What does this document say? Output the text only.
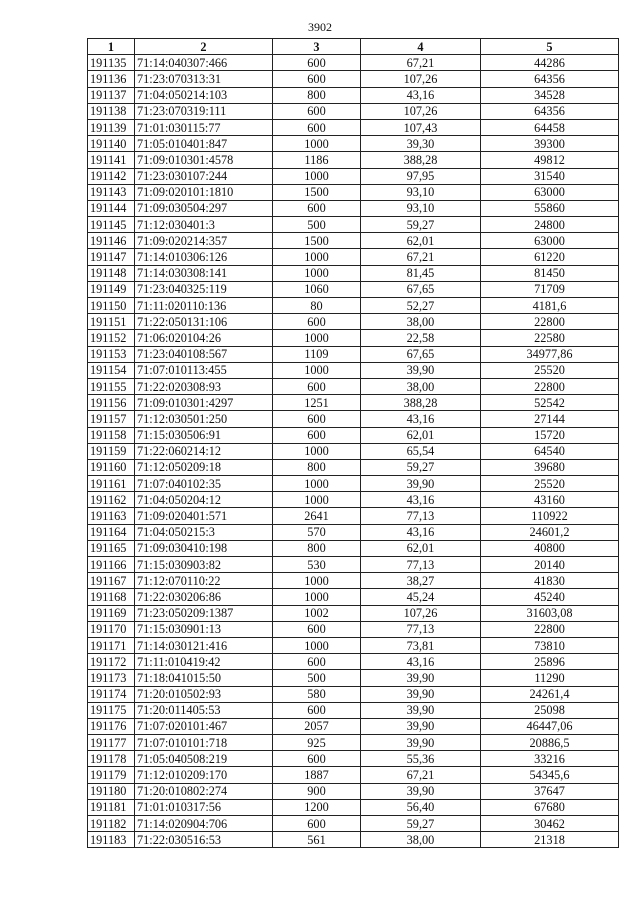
3902
1	2	3	4	5
191135	71:14:040307:466	600	67,21	44286
191136	71:23:070313:31	600	107,26	64356
191137	71:04:050214:103	800	43,16	34528
191138	71:23:070319:111	600	107,26	64356
191139	71:01:030115:77	600	107,43	64458
191140	71:05:010401:847	1000	39,30	39300
191141	71:09:010301:4578	1186	388,28	49812
191142	71:23:030107:244	1000	97,95	31540
191143	71:09:020101:1810	1500	93,10	63000
191144	71:09:030504:297	600	93,10	55860
191145	71:12:030401:3	500	59,27	24800
191146	71:09:020214:357	1500	62,01	63000
191147	71:14:010306:126	1000	67,21	61220
191148	71:14:030308:141	1000	81,45	81450
191149	71:23:040325:119	1060	67,65	71709
191150	71:11:020110:136	80	52,27	4181,6
191151	71:22:050131:106	600	38,00	22800
191152	71:06:020104:26	1000	22,58	22580
191153	71:23:040108:567	1109	67,65	34977,86
191154	71:07:010113:455	1000	39,90	25520
191155	71:22:020308:93	600	38,00	22800
191156	71:09:010301:4297	1251	388,28	52542
191157	71:12:030501:250	600	43,16	27144
191158	71:15:030506:91	600	62,01	15720
191159	71:22:060214:12	1000	65,54	64540
191160	71:12:050209:18	800	59,27	39680
191161	71:07:040102:35	1000	39,90	25520
191162	71:04:050204:12	1000	43,16	43160
191163	71:09:020401:571	2641	77,13	110922
191164	71:04:050215:3	570	43,16	24601,2
191165	71:09:030410:198	800	62,01	40800
191166	71:15:030903:82	530	77,13	20140
191167	71:12:070110:22	1000	38,27	41830
191168	71:22:030206:86	1000	45,24	45240
191169	71:23:050209:1387	1002	107,26	31603,08
191170	71:15:030901:13	600	77,13	22800
191171	71:14:030121:416	1000	73,81	73810
191172	71:11:010419:42	600	43,16	25896
191173	71:18:041015:50	500	39,90	11290
191174	71:20:010502:93	580	39,90	24261,4
191175	71:20:011405:53	600	39,90	25098
191176	71:07:020101:467	2057	39,90	46447,06
191177	71:07:010101:718	925	39,90	20886,5
191178	71:05:040508:219	600	55,36	33216
191179	71:12:010209:170	1887	67,21	54345,6
191180	71:20:010802:274	900	39,90	37647
191181	71:01:010317:56	1200	56,40	67680
191182	71:14:020904:706	600	59,27	30462
191183	71:22:030516:53	561	38,00	21318
